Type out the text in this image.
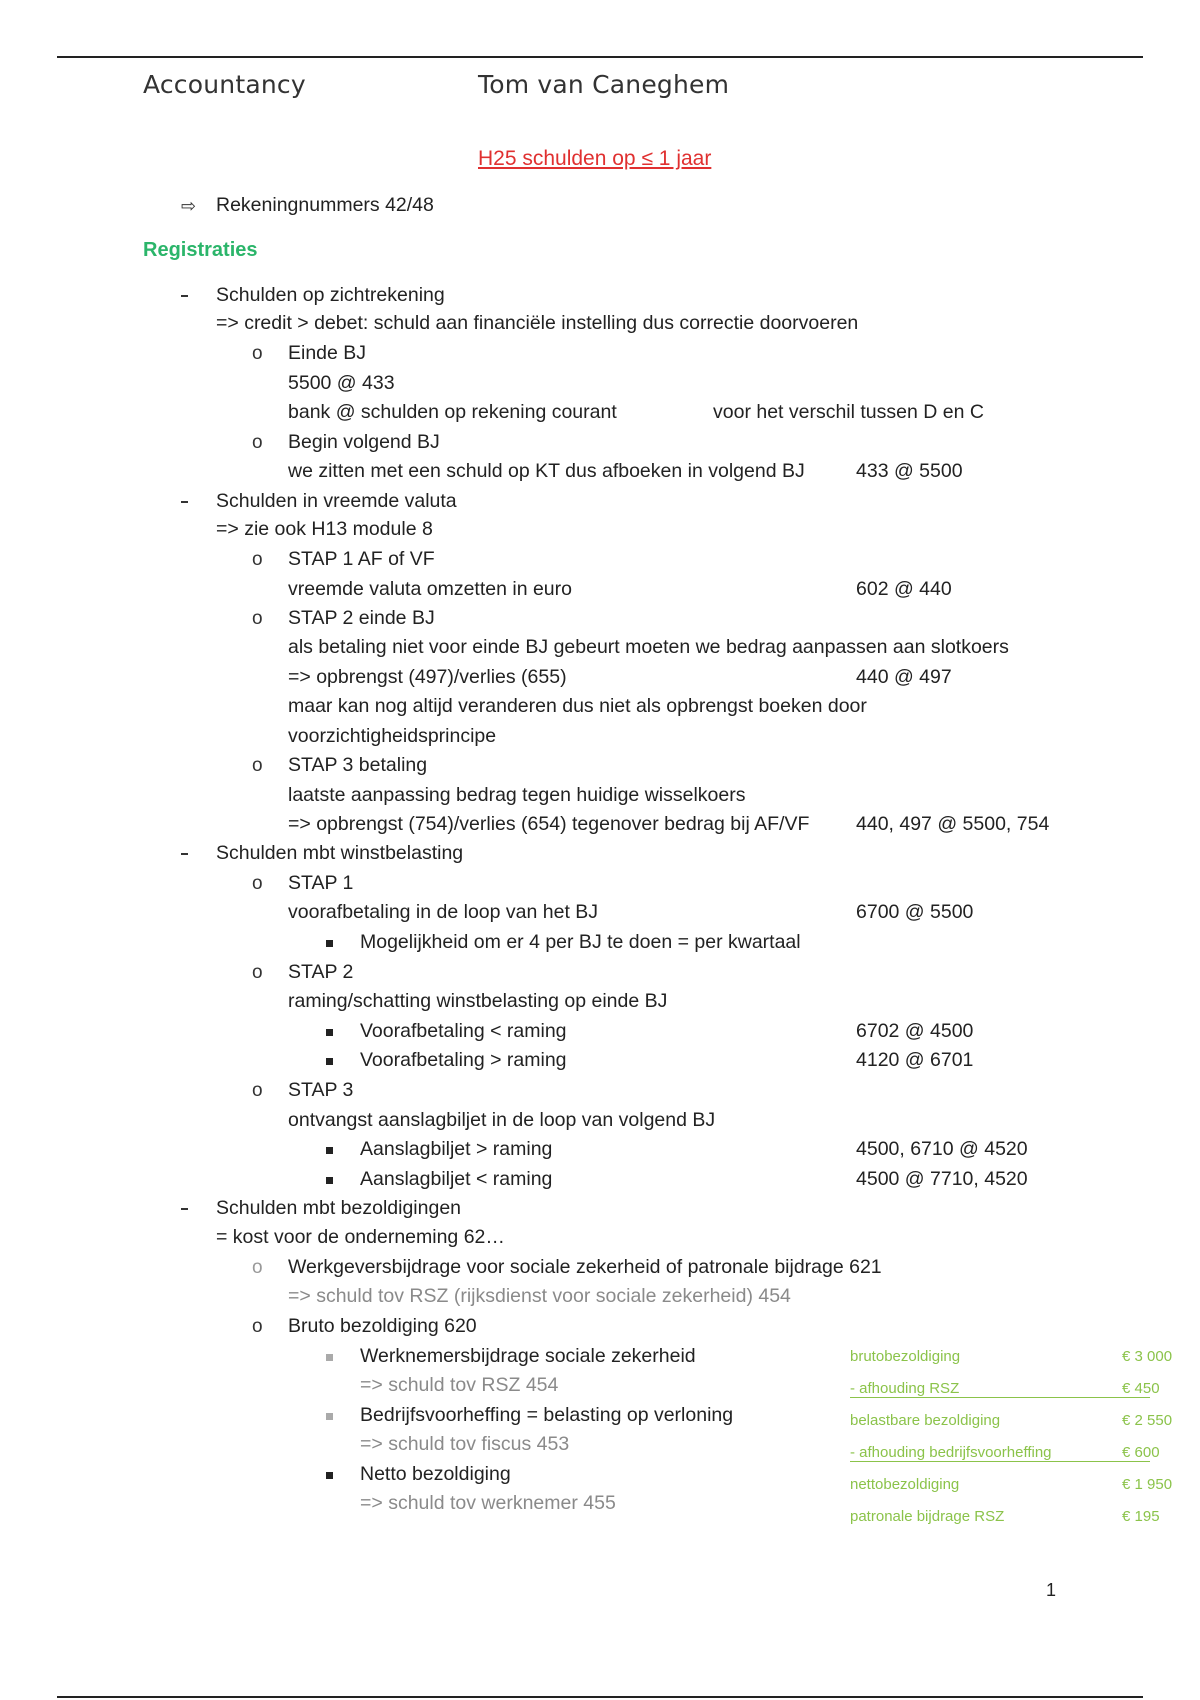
Accountancy	Tom van Caneghem
H25 schulden op ≤ 1 jaar
⇨ Rekeningnummers 42/48
Registraties
Schulden op zichtrekening
=> credit > debet: schuld aan financiële instelling dus correctie doorvoeren
o Einde BJ
5500 @ 433
bank @ schulden op rekening courant	voor het verschil tussen D en C
o Begin volgend BJ
we zitten met een schuld op KT dus afboeken in volgend BJ	433 @ 5500
Schulden in vreemde valuta
=> zie ook H13 module 8
o STAP 1 AF of VF
vreemde valuta omzetten in euro	602 @ 440
o STAP 2 einde BJ
als betaling niet voor einde BJ gebeurt moeten we bedrag aanpassen aan slotkoers
=> opbrengst (497)/verlies (655)	440 @ 497
maar kan nog altijd veranderen dus niet als opbrengst boeken door
voorzichtigheidsprincipe
o STAP 3 betaling
laatste aanpassing bedrag tegen huidige wisselkoers
=> opbrengst (754)/verlies (654) tegenover bedrag bij AF/VF 440, 497 @ 5500, 754
Schulden mbt winstbelasting
o STAP 1
voorafbetaling in de loop van het BJ	6700 @ 5500
Mogelijkheid om er 4 per BJ te doen = per kwartaal
o STAP 2
raming/schatting winstbelasting op einde BJ
Voorafbetaling < raming	6702 @ 4500
Voorafbetaling > raming	4120 @ 6701
o STAP 3
ontvangst aanslagbiljet in de loop van volgend BJ
Aanslagbiljet > raming	4500, 6710 @ 4520
Aanslagbiljet < raming	4500 @ 7710, 4520
Schulden mbt bezoldigingen
= kost voor de onderneming 62…
o Werkgeversbijdrage voor sociale zekerheid of patronale bijdrage 621
=> schuld tov RSZ (rijksdienst voor sociale zekerheid) 454
o Bruto bezoldiging 620
Werknemersbijdrage sociale zekerheid
=> schuld tov RSZ 454
Bedrijfsvoorheffing = belasting op verloning
=> schuld tov fiscus 453
Netto bezoldiging
=> schuld tov werknemer 455
brutobezoldiging	€ 3 000
- afhouding RSZ	€ 450
belastbare bezoldiging	€ 2 550
- afhouding bedrijfsvoorheffing	€ 600
nettobezoldiging	€ 1 950
patronale bijdrage RSZ	€ 195
1
